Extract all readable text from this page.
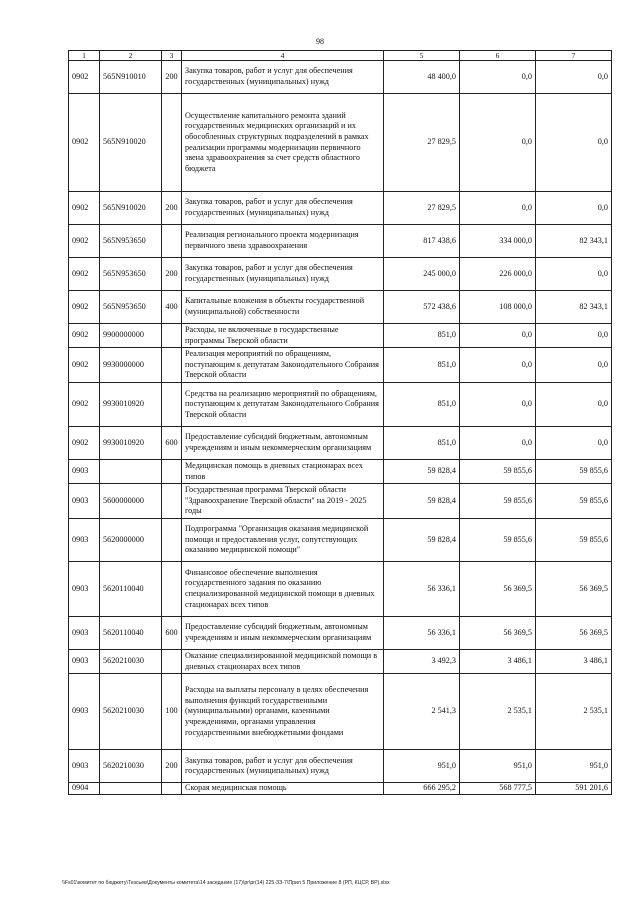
98
1	2	3	4	5	6	7
0902	565N910010	200	Закупка товаров, работ и услуг для обеспечения государственных (муниципальных) нужд	48 400,0	0,0	0,0
0902	565N910020		Осуществление капитального ремонта зданий государственных медицинских организаций и их обособленных структурных подразделений в рамках реализации программы модернизации первичного звена здравоохранения за счет средств областного бюджета	27 829,5	0,0	0,0
0902	565N910020	200	Закупка товаров, работ и услуг для обеспечения государственных (муниципальных) нужд	27 829,5	0,0	0,0
0902	565N953650		Реализация регионального проекта модернизация первичного звена здравоохранения	817 438,6	334 000,0	82 343,1
0902	565N953650	200	Закупка товаров, работ и услуг для обеспечения государственных (муниципальных) нужд	245 000,0	226 000,0	0,0
0902	565N953650	400	Капитальные вложения в объекты государственной (муниципальной) собственности	572 438,6	108 000,0	82 343,1
0902	9900000000		Расходы, не включенные в государственные программы Тверской области	851,0	0,0	0,0
0902	9930000000		Реализация мероприятий по обращениям, поступающим к депутатам Законодательного Собрания Тверской области	851,0	0,0	0,0
0902	9930010920		Средства на реализацию мероприятий по обращениям, поступающим к депутатам Законодательного Собрания Тверской области	851,0	0,0	0,0
0902	9930010920	600	Предоставление субсидий бюджетным, автономным учреждениям и иным некоммерческим организациям	851,0	0,0	0,0
0903			Медицинская помощь в дневных стационарах всех типов	59 828,4	59 855,6	59 855,6
0903	5600000000		Государственная программа Тверской области "Здравоохранение Тверской области" на 2019 - 2025 годы	59 828,4	59 855,6	59 855,6
0903	5620000000		Подпрограмма "Организация оказания медицинской помощи и предоставления услуг, сопутствующих оказанию медицинской помощи"	59 828,4	59 855,6	59 855,6
0903	5620110040		Финансовое обеспечение выполнения государственного задания по оказанию специализированной медицинской помощи в дневных стационарах всех типов	56 336,1	56 369,5	56 369,5
0903	5620110040	600	Предоставление субсидий бюджетным, автономным учреждениям и иным некоммерческим организациям	56 336,1	56 369,5	56 369,5
0903	5620210030		Оказание специализированной медицинской помощи в дневных стационарах всех типов	3 492,3	3 486,1	3 486,1
0903	5620210030	100	Расходы на выплаты персоналу в целях обеспечения выполнения функций государственными (муниципальными) органами, казенными учреждениями, органами управления государственными внебюджетными фондами	2 541,3	2 535,1	2 535,1
0903	5620210030	200	Закупка товаров, работ и услуг для обеспечения государственных (муниципальных) нужд	951,0	951,0	951,0
0904			Скорая медицинская помощь	666 295,2	568 777,5	591 201,6
\\Fs01\комитет по бюджету\Тезсьев\Документы комитета\14 заседание (17)\pr\pr(14) 225-ЗЗ-7\Прил 5 Приложение 8 (РП, КЦСР, ВР).xlsx
